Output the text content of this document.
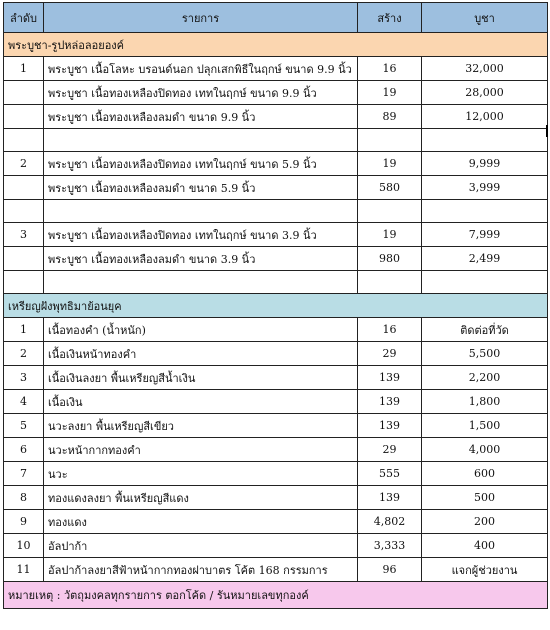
ลำดับ	รายการ	สร้าง	บูชา
พระบูชา-รูปหล่อลอยองค์			
1	พระบูชา เนื้อโลหะ บรอนด์นอก ปลุกเสกพิธีในฤกษ์ ขนาด 9.9 นิ้ว	16	32,000
	พระบูชา เนื้อทองเหลืองปิดทอง เททในฤกษ์ ขนาด 9.9 นิ้ว	19	28,000
	พระบูชา เนื้อทองเหลืองลมดำ ขนาด 9.9 นิ้ว	89	12,000

2	พระบูชา เนื้อทองเหลืองปิดทอง เททในฤกษ์ ขนาด 5.9 นิ้ว	19	9,999
	พระบูชา เนื้อทองเหลืองลมดำ ขนาด 5.9 นิ้ว	580	3,999

3	พระบูชา เนื้อทองเหลืองปิดทอง เททในฤกษ์ ขนาด 3.9 นิ้ว	19	7,999
	พระบูชา เนื้อทองเหลืองลมดำ ขนาด 3.9 นิ้ว	980	2,499

เหรียญฝังพุทธิมาย้อนยุค			
1	เนื้อทองคำ (น้ำหนัก)	16	ติดต่อที่วัด
2	เนื้อเงินหน้าทองคำ	29	5,500
3	เนื้อเงินลงยา พื้นเหรียญสีน้ำเงิน	139	2,200
4	เนื้อเงิน	139	1,800
5	นวะลงยา พื้นเหรียญสีเขียว	139	1,500
6	นวะหน้ากากทองคำ	29	4,000
7	นวะ	555	600
8	ทองแดงลงยา พื้นเหรียญสีแดง	139	500
9	ทองแดง	4,802	200
10	อัลปาก้า	3,333	400
11	อัลปาก้าลงยาสีฟ้าหน้ากากทองฝาบาตร โค้ต 168 กรรมการ	96	แจกผู้ช่วยงาน
หมายเหตุ : วัตถุมงคลทุกรายการ ตอกโค้ด / รันหมายเลขทุกองค์			
